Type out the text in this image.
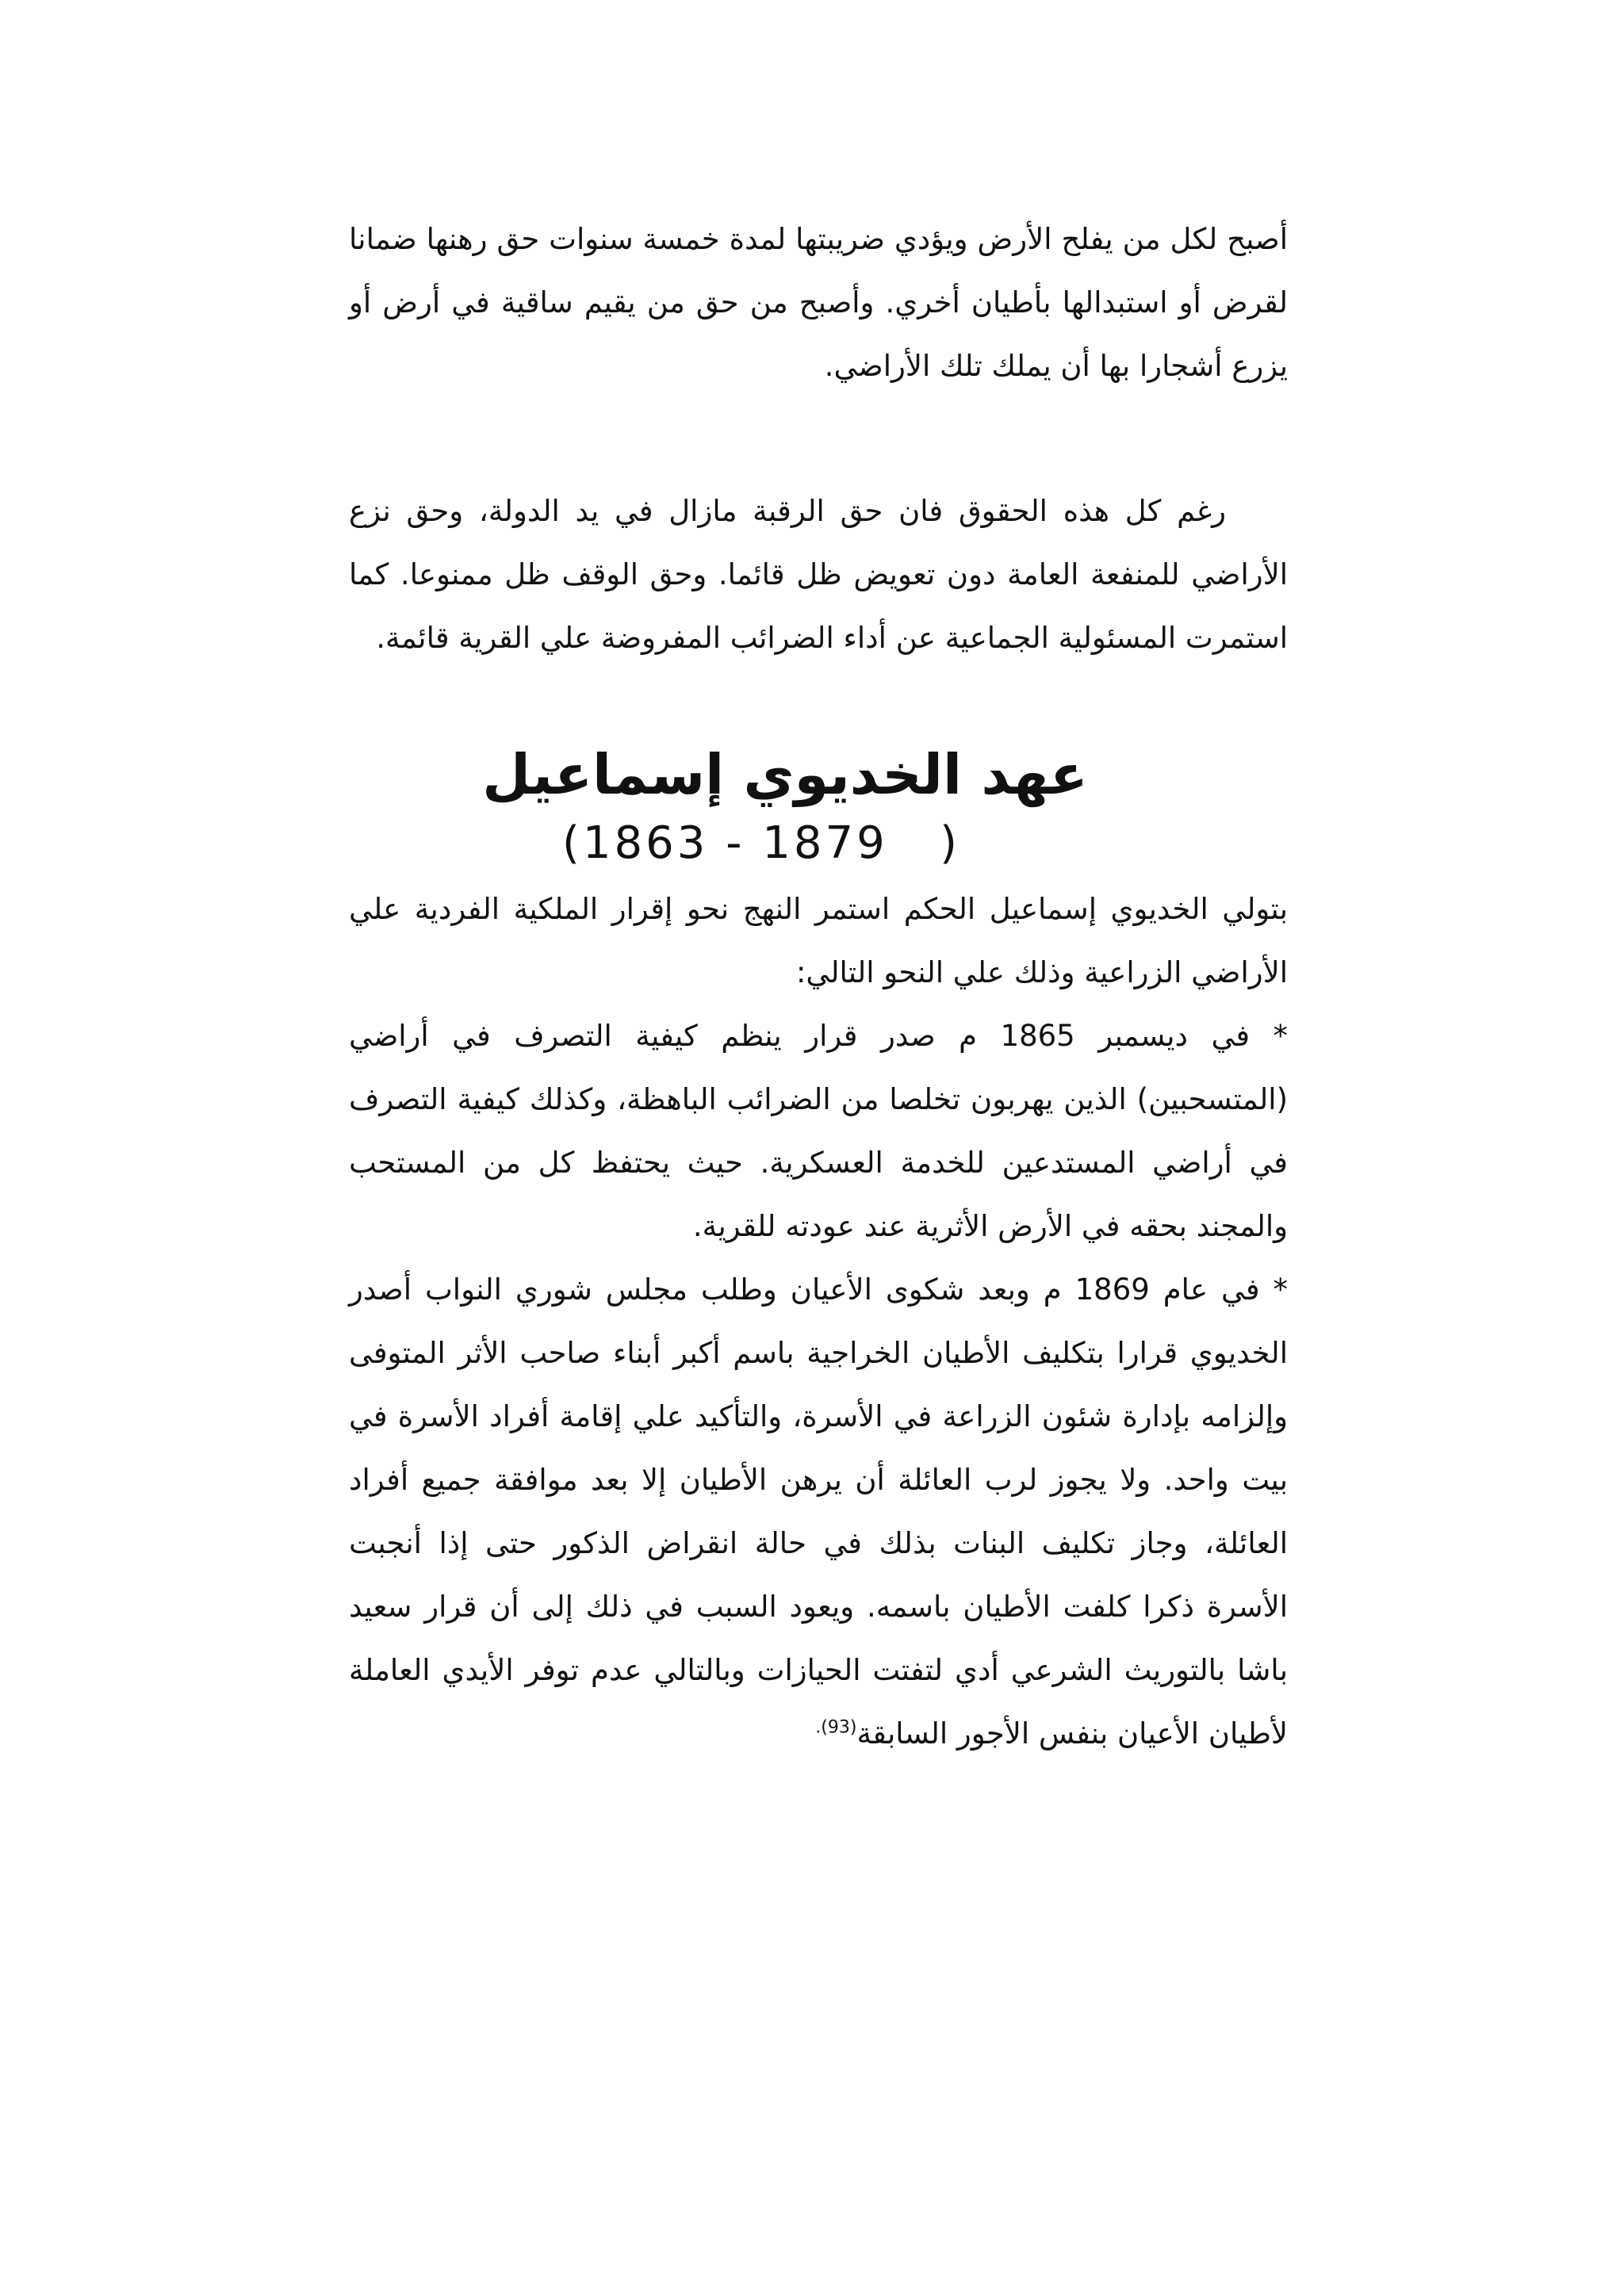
أصبح لكل من يفلح الأرض ويؤدي ضريبتها لمدة خمسة سنوات حق رهنها ضمانا لقرض أو استبدالها بأطيان أخري. وأصبح من حق من يقيم ساقية في أرض أو يزرع أشجارا بها أن يملك تلك الأراضي.

رغم كل هذه الحقوق فان حق الرقبة مازال في يد الدولة، وحق نزع الأراضي للمنفعة العامة دون تعويض ظل قائما. وحق الوقف ظل ممنوعا. كما استمرت المسئولية الجماعية عن أداء الضرائب المفروضة علي القرية قائمة.

عهد الخديوي إسماعيل

(1863 - 1879   )

بتولي الخديوي إسماعيل الحكم استمر النهج نحو إقرار الملكية الفردية علي الأراضي الزراعية وذلك علي النحو التالي:

* في ديسمبر 1865 م صدر قرار ينظم كيفية التصرف في أراضي (المتسحبين) الذين يهربون تخلصا من الضرائب الباهظة، وكذلك كيفية التصرف في أراضي المستدعين للخدمة العسكرية. حيث يحتفظ كل من المستحب والمجند بحقه في الأرض الأثرية عند عودته للقرية.

* في عام 1869 م وبعد شكوى الأعيان وطلب مجلس شوري النواب أصدر الخديوي قرارا بتكليف الأطيان الخراجية باسم أكبر أبناء صاحب الأثر المتوفى وإلزامه بإدارة شئون الزراعة في الأسرة، والتأكيد علي إقامة أفراد الأسرة في بيت واحد. ولا يجوز لرب العائلة أن يرهن الأطيان إلا بعد موافقة جميع أفراد العائلة، وجاز تكليف البنات بذلك في حالة انقراض الذكور حتى إذا أنجبت الأسرة ذكرا كلفت الأطيان باسمه. ويعود السبب في ذلك إلى أن قرار سعيد باشا بالتوريث الشرعي أدي لتفتت الحيازات وبالتالي عدم توفر الأيدي العاملة لأطيان الأعيان بنفس الأجور السابقة$^{(93).}$
